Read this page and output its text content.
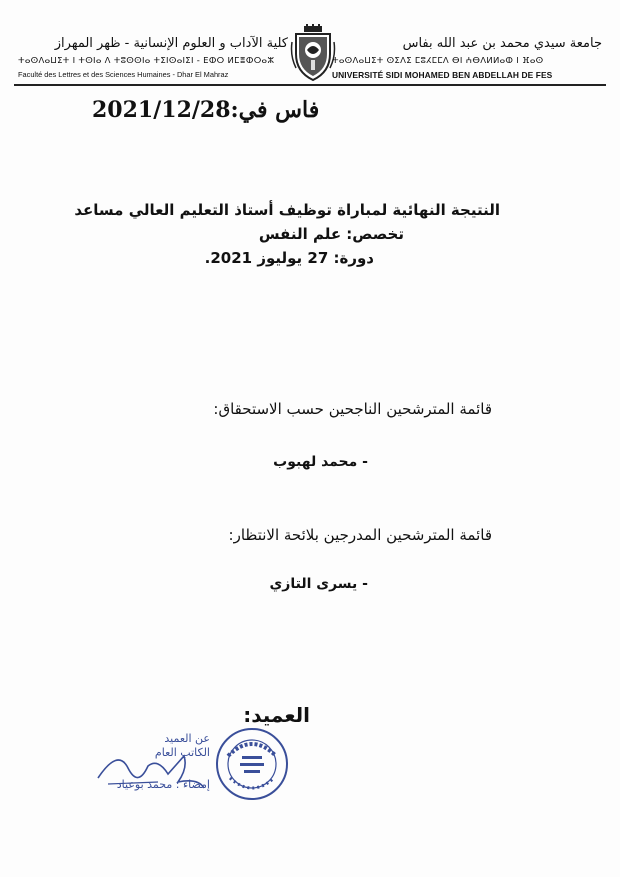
كلية الآداب و العلوم الإنسانية - ظهر المهراز
ⵜⴰⵙⴷⴰⵡⵉⵜ ⵏ ⵜⵙⵏⴰ ⴷ ⵜⵓⵙⵙⵏⴰ ⵜⵉⵏⵙⴰⵏⵉⵏ - ⴹⵀⵔ ⵍⵎⴻⵀⵔⴰⵣ
Faculté des Lettres et des Sciences Humaines - Dhar El Mahraz
جامعة سيدي محمد بن عبد الله بفاس
ⵜⴰⵙⴷⴰⵡⵉⵜ ⵙⵉⴷⵉ ⵎⵓⵃⵎⵎⴷ ⴱⵏ ⵄⴱⴷⵍⵍⴰⵀ ⵏ ⴼⴰⵙ
UNIVERSITÉ SIDI MOHAMED BEN ABDELLAH DE FES
2021/12/28فاس في:
النتيجة النهائية لمباراة توظيف أستاذ التعليم العالي مساعد
تخصص: علم النفس
دورة: 27 يوليوز 2021.
قائمة المترشحين الناجحين حسب الاستحقاق:
- محمد لهبوب
قائمة المترشحين المدرجين بلائحة الانتظار:
- يسرى التازي
العميد:
عن العميد
الكاتب العام
إمضاء : محمد بوعياد
